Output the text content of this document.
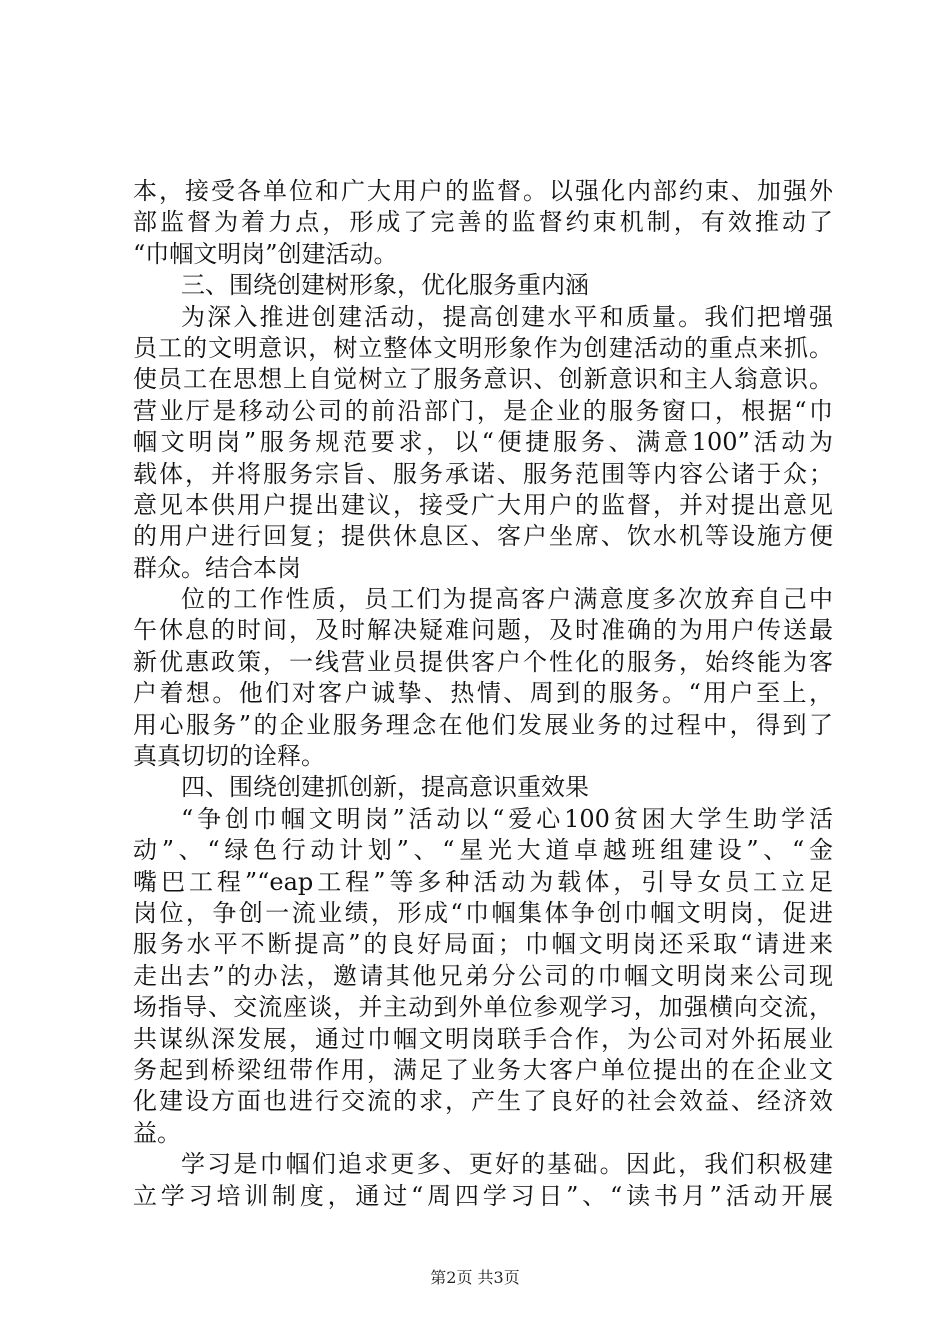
本，接受各单位和广大用户的监督。以强化内部约束、加强外
部监督为着力点，形成了完善的监督约束机制，有效推动了
“巾帼文明岗”创建活动。
三、围绕创建树形象，优化服务重内涵
为深入推进创建活动，提高创建水平和质量。我们把增强
员工的文明意识，树立整体文明形象作为创建活动的重点来抓。
使员工在思想上自觉树立了服务意识、创新意识和主人翁意识。
营业厅是移动公司的前沿部门，是企业的服务窗口，根据“巾
帼文明岗”服务规范要求，以“便捷服务、满意100”活动为
载体，并将服务宗旨、服务承诺、服务范围等内容公诸于众；
意见本供用户提出建议，接受广大用户的监督，并对提出意见
的用户进行回复；提供休息区、客户坐席、饮水机等设施方便
群众。结合本岗
位的工作性质，员工们为提高客户满意度多次放弃自己中
午休息的时间，及时解决疑难问题，及时准确的为用户传送最
新优惠政策，一线营业员提供客户个性化的服务，始终能为客
户着想。他们对客户诚挚、热情、周到的服务。“用户至上，
用心服务”的企业服务理念在他们发展业务的过程中，得到了
真真切切的诠释。
四、围绕创建抓创新，提高意识重效果
“争创巾帼文明岗”活动以“爱心100贫困大学生助学活
动”、“绿色行动计划”、“星光大道卓越班组建设”、“金
嘴巴工程”“eap工程”等多种活动为载体，引导女员工立足
岗位，争创一流业绩，形成“巾帼集体争创巾帼文明岗，促进
服务水平不断提高”的良好局面；巾帼文明岗还采取“请进来
走出去”的办法，邀请其他兄弟分公司的巾帼文明岗来公司现
场指导、交流座谈，并主动到外单位参观学习，加强横向交流，
共谋纵深发展，通过巾帼文明岗联手合作，为公司对外拓展业
务起到桥梁纽带作用，满足了业务大客户单位提出的在企业文
化建设方面也进行交流的求，产生了良好的社会效益、经济效
益。
学习是巾帼们追求更多、更好的基础。因此，我们积极建
立学习培训制度，通过“周四学习日”、“读书月”活动开展
第2页 共3页
